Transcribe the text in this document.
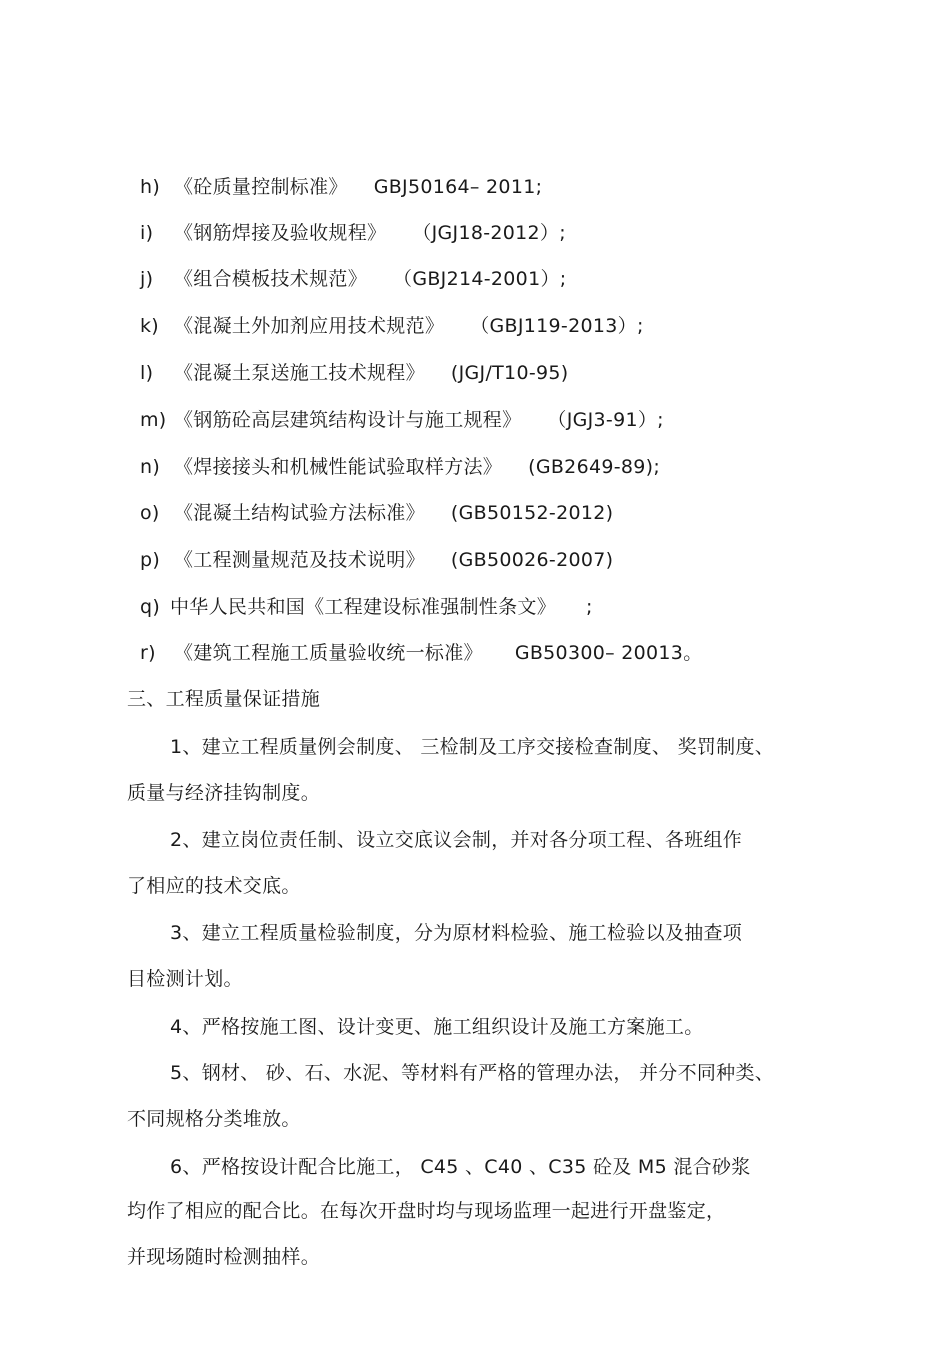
h) 《砼质量控制标准》 GBJ50164– 2011;
i) 《钢筋焊接及验收规程》 （JGJ18-2012）;
j) 《组合模板技术规范》 （GBJ214-2001）;
k) 《混凝土外加剂应用技术规范》 （GBJ119-2013）;
l) 《混凝土泵送施工技术规程》 (JGJ/T10-95)
m) 《钢筋砼高层建筑结构设计与施工规程》 （JGJ3-91）;
n) 《焊接接头和机械性能试验取样方法》 (GB2649-89);
o) 《混凝土结构试验方法标准》 (GB50152-2012)
p) 《工程测量规范及技术说明》 (GB50026-2007)
q) 中华人民共和国《工程建设标准强制性条文》 ;
r) 《建筑工程施工质量验收统一标准》 GB50300– 20013。
三、工程质量保证措施
1、建立工程质量例会制度、 三检制及工序交接检查制度、 奖罚制度、
质量与经济挂钩制度。
2、建立岗位责任制、设立交底议会制，并对各分项工程、各班组作
了相应的技术交底。
3、建立工程质量检验制度，分为原材料检验、施工检验以及抽查项
目检测计划。
4、严格按施工图、设计变更、施工组织设计及施工方案施工。
5、钢材、 砂、石、水泥、等材料有严格的管理办法， 并分不同种类、
不同规格分类堆放。
6、严格按设计配合比施工， C45 、C40 、C35 砼及 M5 混合砂浆
均作了相应的配合比。在每次开盘时均与现场监理一起进行开盘鉴定，
并现场随时检测抽样。
